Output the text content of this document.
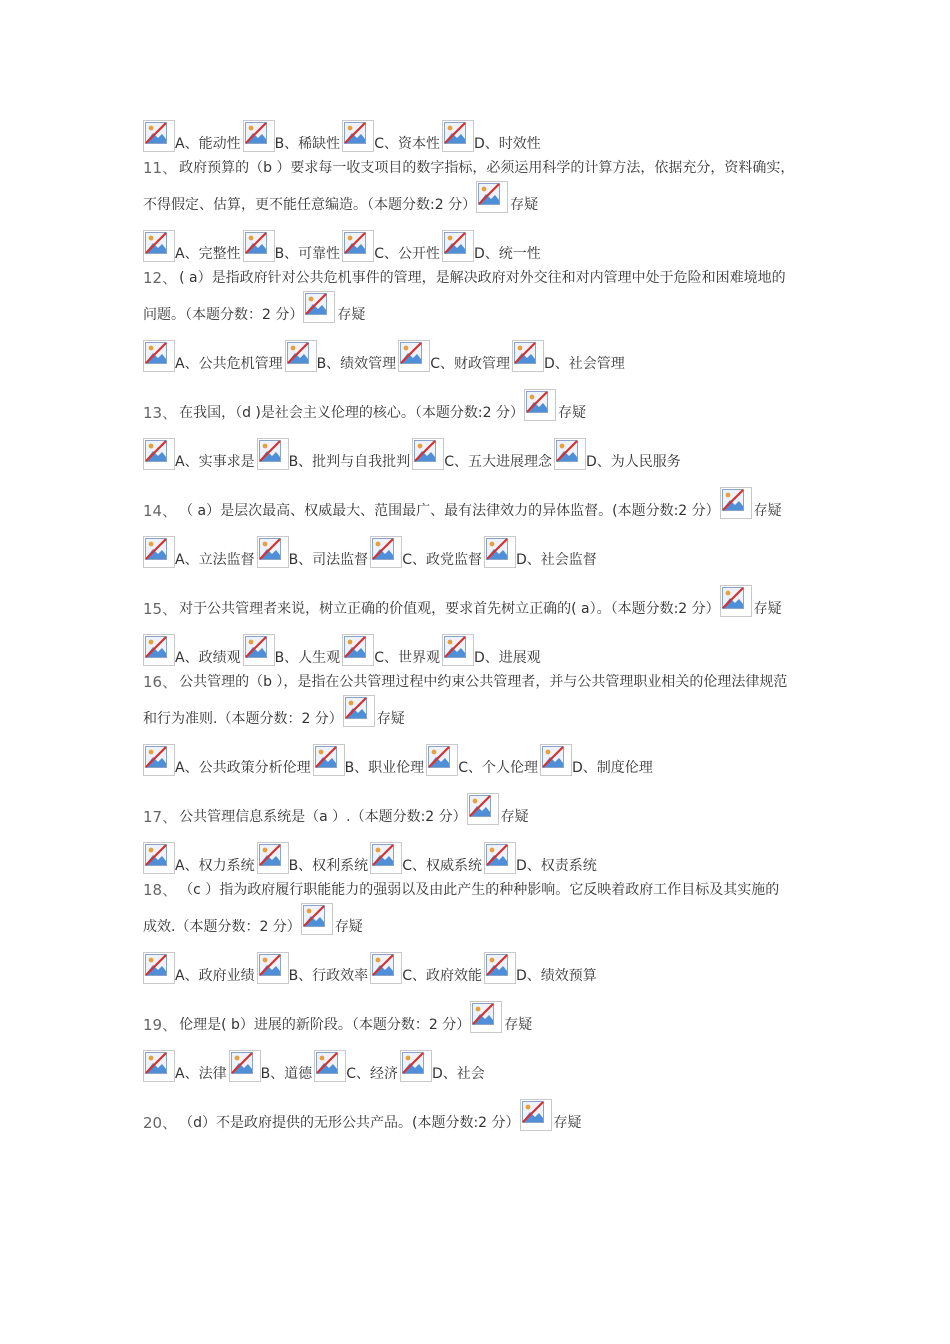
A、能动性 B、稀缺性 C、资本性 D、时效性
11、 政府预算的（b ）要求每一收支项目的数字指标，必须运用科学的计算方法，依据充分，资料确实，
不得假定、估算，更不能任意编造。（本题分数:2 分） 存疑
A、完整性 B、可靠性 C、公开性 D、统一性
12、 ( a）是指政府针对公共危机事件的管理，是解决政府对外交往和对内管理中处于危险和困难境地的
问题。（本题分数：2 分） 存疑
A、公共危机管理 B、绩效管理 C、财政管理 D、社会管理
13、 在我国，（d )是社会主义伦理的核心。（本题分数:2 分） 存疑
A、实事求是 B、批判与自我批判 C、五大进展理念 D、为人民服务
14、 （ a）是层次最高、权威最大、范围最广、最有法律效力的异体监督。(本题分数:2 分） 存疑
A、立法监督 B、司法监督 C、政党监督 D、社会监督
15、 对于公共管理者来说，树立正确的价值观，要求首先树立正确的( a）。（本题分数:2 分） 存疑
A、政绩观 B、人生观 C、世界观 D、进展观
16、 公共管理的（b ），是指在公共管理过程中约束公共管理者，并与公共管理职业相关的伦理法律规范
和行为准则.（本题分数：2 分） 存疑
A、公共政策分析伦理 B、职业伦理 C、个人伦理 D、制度伦理
17、 公共管理信息系统是（a ）.（本题分数:2 分） 存疑
A、权力系统 B、权利系统 C、权威系统 D、权责系统
18、 （c ）指为政府履行职能能力的强弱以及由此产生的种种影响。它反映着政府工作目标及其实施的
成效.（本题分数：2 分） 存疑
A、政府业绩 B、行政效率 C、政府效能 D、绩效预算
19、 伦理是( b）进展的新阶段。（本题分数：2 分） 存疑
A、法律 B、道德 C、经济 D、社会
20、 （d）不是政府提供的无形公共产品。(本题分数:2 分） 存疑
